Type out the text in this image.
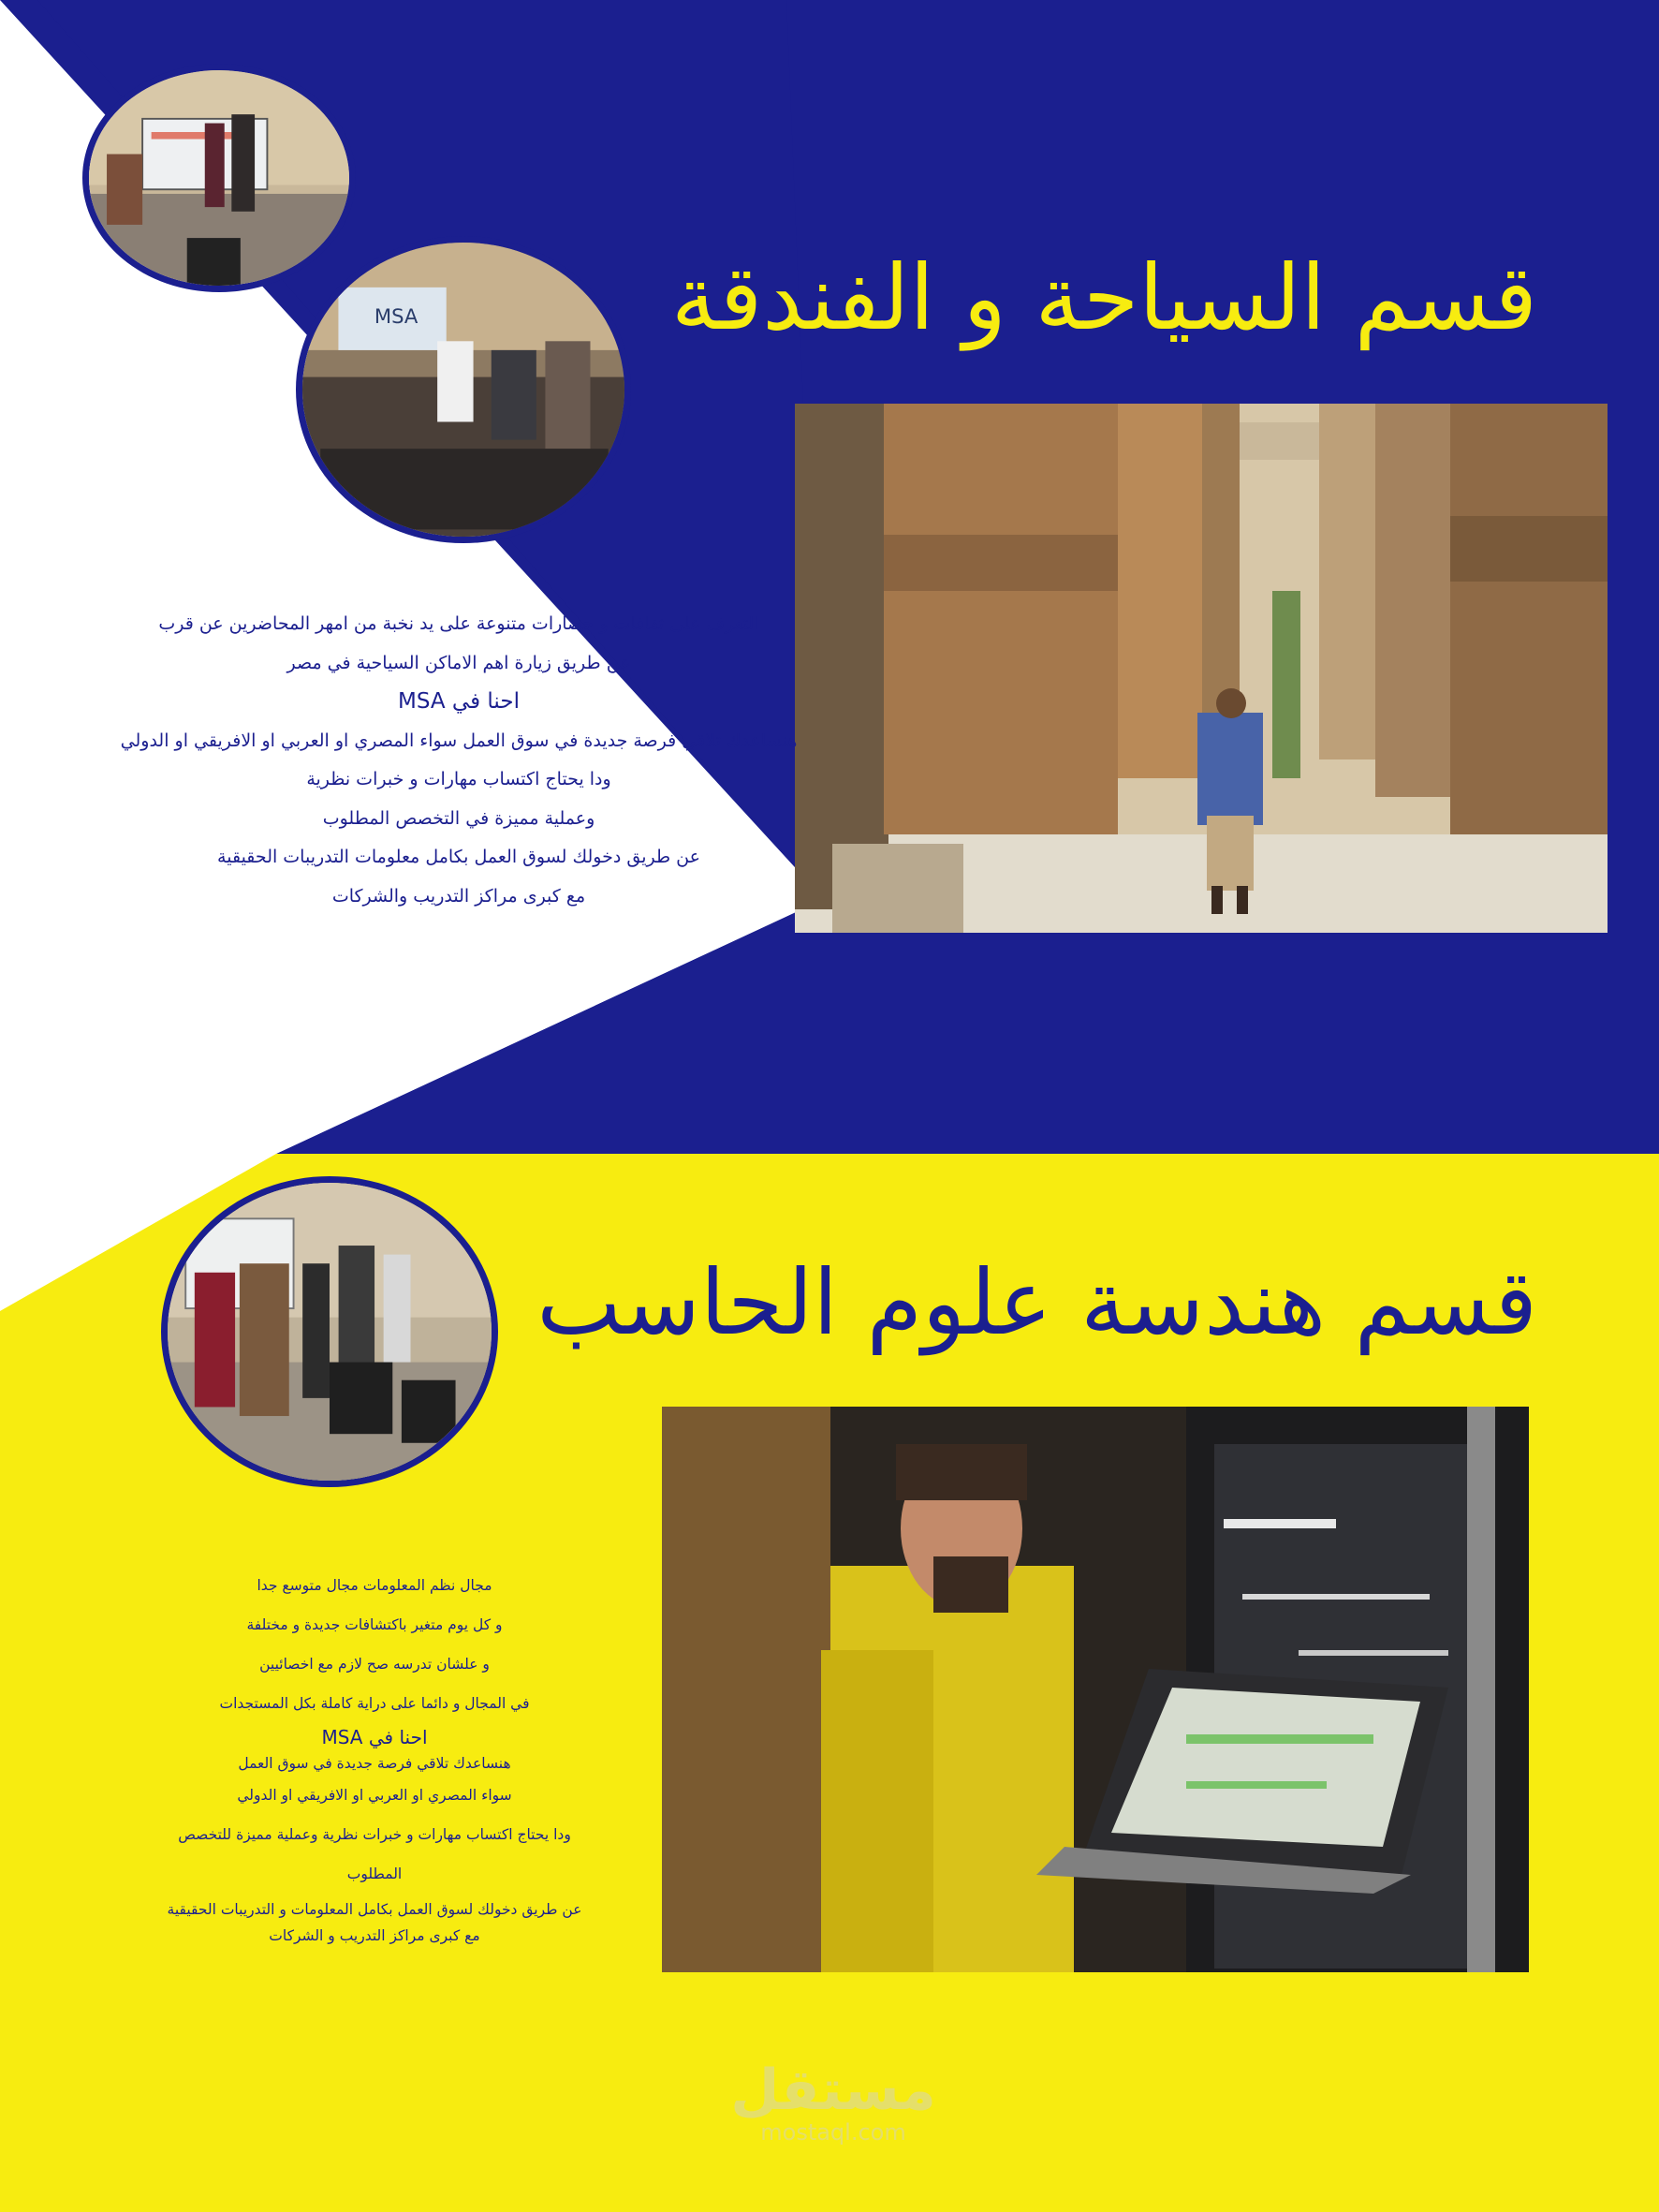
MSA	قسم السياحة و الفندقة
التعرف على ثقافات و حضارات متنوعة على يد نخبة من امهر المحاضرين عن قرب
عن طريق زيارة اهم الاماكن السياحية في مصر
احنا في MSA
هنساعدك تلاقي فرصة جديدة في سوق العمل سواء المصري او العربي او الافريقي او الدولي
ودا يحتاج اكتساب مهارات و خبرات نظرية
وعملية مميزة في التخصص المطلوب
عن طريق دخولك لسوق العمل بكامل معلومات التدريبات الحقيقية
مع كبرى مراكز التدريب والشركات
قسم هندسة علوم الحاسب
مجال نظم المعلومات مجال متوسع جدا
و كل يوم متغير باكتشافات جديدة و مختلفة
و علشان تدرسه صح لازم مع اخصائيين
في المجال و دائما على دراية كاملة بكل المستجدات
احنا في MSA
هنساعدك تلاقي فرصة جديدة في سوق العمل
سواء المصري او العربي او الافريقي او الدولي
ودا يحتاج اكتساب مهارات و خبرات نظرية وعملية مميزة للتخصص المطلوب
عن طريق دخولك لسوق العمل بكامل المعلومات و التدريبات الحقيقية
مع كبرى مراكز التدريب و الشركات
مستقل
mostaql.com
